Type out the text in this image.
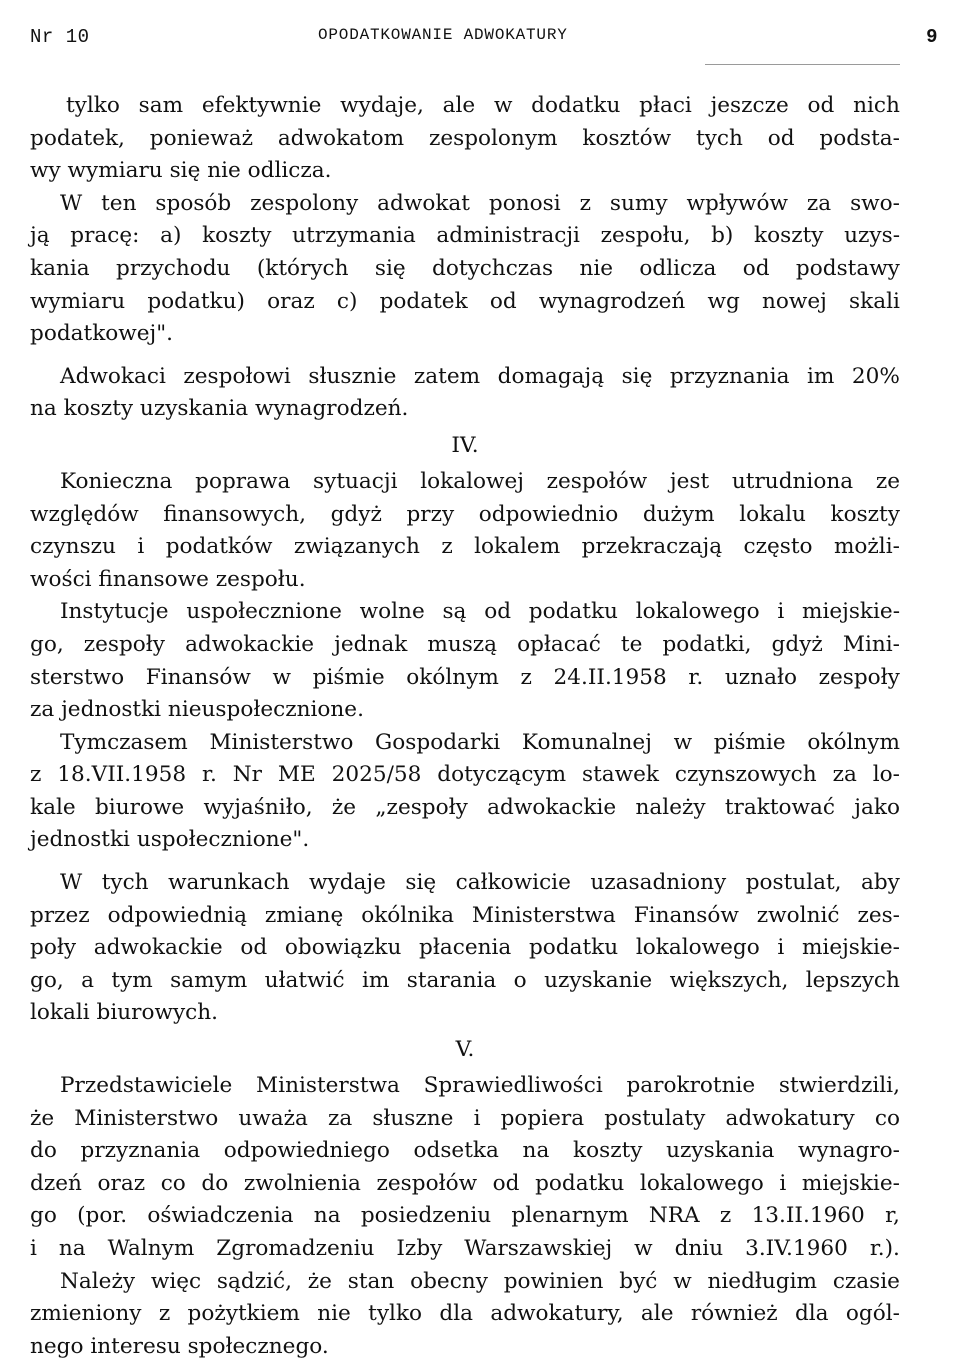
Nr 10	OPODATKOWANIE ADWOKATURY	9
tylko sam efektywnie wydaje, ale w dodatku płaci jeszcze od nich
podatek, ponieważ adwokatom zespolonym kosztów tych od podsta-
wy wymiaru się nie odlicza.
W ten sposób zespolony adwokat ponosi z sumy wpływów za swo-
ją pracę: a) koszty utrzymania administracji zespołu, b) koszty uzys-
kania przychodu (których się dotychczas nie odlicza od podstawy
wymiaru podatku) oraz c) podatek od wynagrodzeń wg nowej skali
podatkowej".
Adwokaci zespołowi słusznie zatem domagają się przyznania im 20%
na koszty uzyskania wynagrodzeń.
IV.
Konieczna poprawa sytuacji lokalowej zespołów jest utrudniona ze
względów finansowych, gdyż przy odpowiednio dużym lokalu koszty
czynszu i podatków związanych z lokalem przekraczają często możli-
wości finansowe zespołu.
Instytucje uspołecznione wolne są od podatku lokalowego i miejskie-
go, zespoły adwokackie jednak muszą opłacać te podatki, gdyż Mini-
sterstwo Finansów w piśmie okólnym z 24.II.1958 r. uznało zespoły
za jednostki nieuspołecznione.
Tymczasem Ministerstwo Gospodarki Komunalnej w piśmie okólnym
z 18.VII.1958 r. Nr ME 2025/58 dotyczącym stawek czynszowych za lo-
kale biurowe wyjaśniło, że „zespoły adwokackie należy traktować jako
jednostki uspołecznione".
W tych warunkach wydaje się całkowicie uzasadniony postulat, aby
przez odpowiednią zmianę okólnika Ministerstwa Finansów zwolnić zes-
poły adwokackie od obowiązku płacenia podatku lokalowego i miejskie-
go, a tym samym ułatwić im starania o uzyskanie większych, lepszych
lokali biurowych.
V.
Przedstawiciele Ministerstwa Sprawiedliwości parokrotnie stwierdzili,
że Ministerstwo uważa za słuszne i popiera postulaty adwokatury co
do przyznania odpowiedniego odsetka na koszty uzyskania wynagro-
dzeń oraz co do zwolnienia zespołów od podatku lokalowego i miejskie-
go (por. oświadczenia na posiedzeniu plenarnym NRA z 13.II.1960 r,
i na Walnym Zgromadzeniu Izby Warszawskiej w dniu 3.IV.1960 r.).
Należy więc sądzić, że stan obecny powinien być w niedługim czasie
zmieniony z pożytkiem nie tylko dla adwokatury, ale również dla ogól-
nego interesu społecznego.
